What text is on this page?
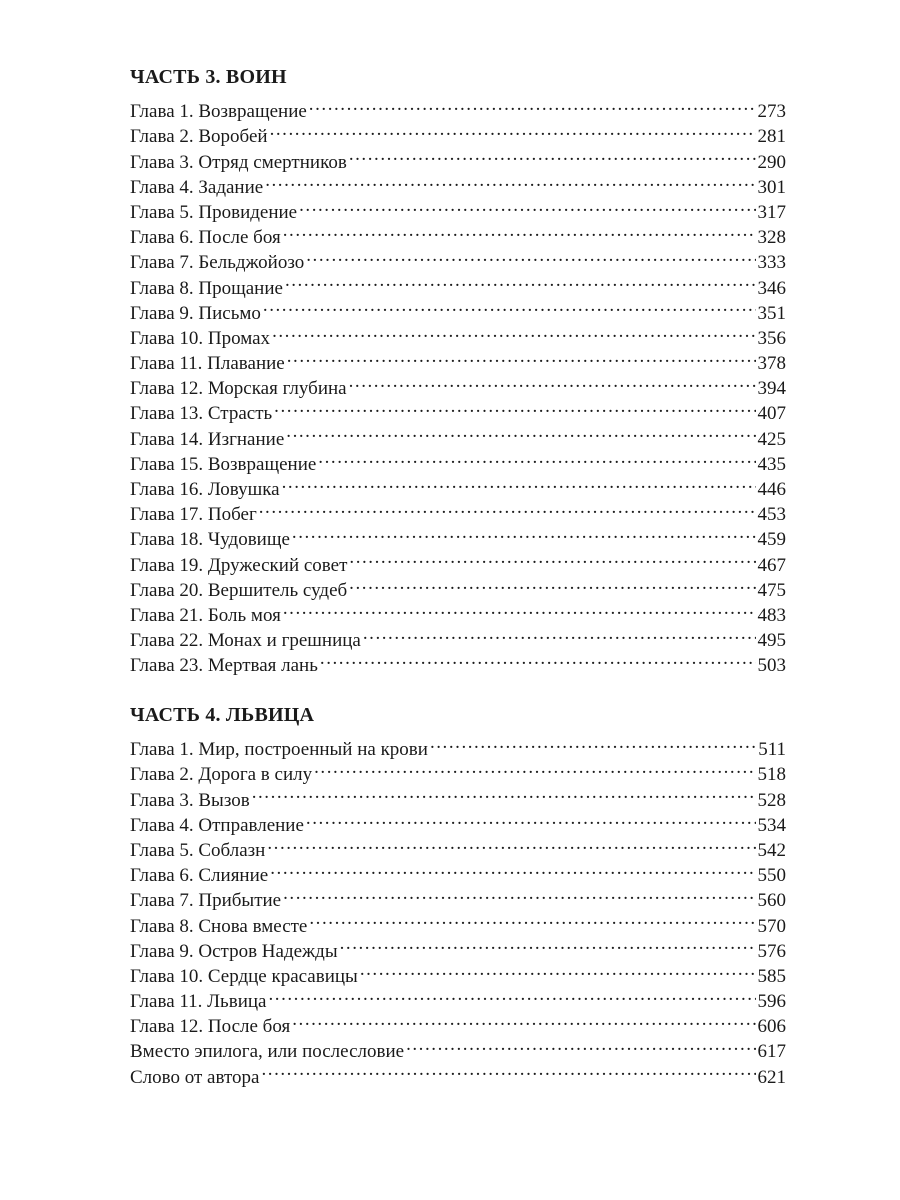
ЧАСТЬ 3. ВОИН
Глава 1. Возвращение . . .	273
Глава 2. Воробей . . .	281
Глава 3. Отряд смертников . . .	290
Глава 4. Задание . . .	301
Глава 5. Провидение . . .	317
Глава 6. После боя . . .	328
Глава 7. Бельджойозо . . .	333
Глава 8. Прощание . . .	346
Глава 9. Письмо . . .	351
Глава 10. Промах . . .	356
Глава 11. Плавание . . .	378
Глава 12. Морская глубина . . .	394
Глава 13. Страсть . . .	407
Глава 14. Изгнание . . .	425
Глава 15. Возвращение . . .	435
Глава 16. Ловушка . . .	446
Глава 17. Побег . . .	453
Глава 18. Чудовище . . .	459
Глава 19. Дружеский совет . . .	467
Глава 20. Вершитель судеб . . .	475
Глава 21. Боль моя . . .	483
Глава 22. Монах и грешница . . .	495
Глава 23. Мертвая лань . . .	503
ЧАСТЬ 4. ЛЬВИЦА
Глава 1. Мир, построенный на крови . . .	511
Глава 2. Дорога в силу . . .	518
Глава 3. Вызов . . .	528
Глава 4. Отправление . . .	534
Глава 5. Соблазн . . .	542
Глава 6. Слияние . . .	550
Глава 7. Прибытие . . .	560
Глава 8. Снова вместе . . .	570
Глава 9. Остров Надежды . . .	576
Глава 10. Сердце красавицы . . .	585
Глава 11. Львица . . .	596
Глава 12. После боя . . .	606
Вместо эпилога, или послесловие . . .	617
Слово от автора . . .	621
